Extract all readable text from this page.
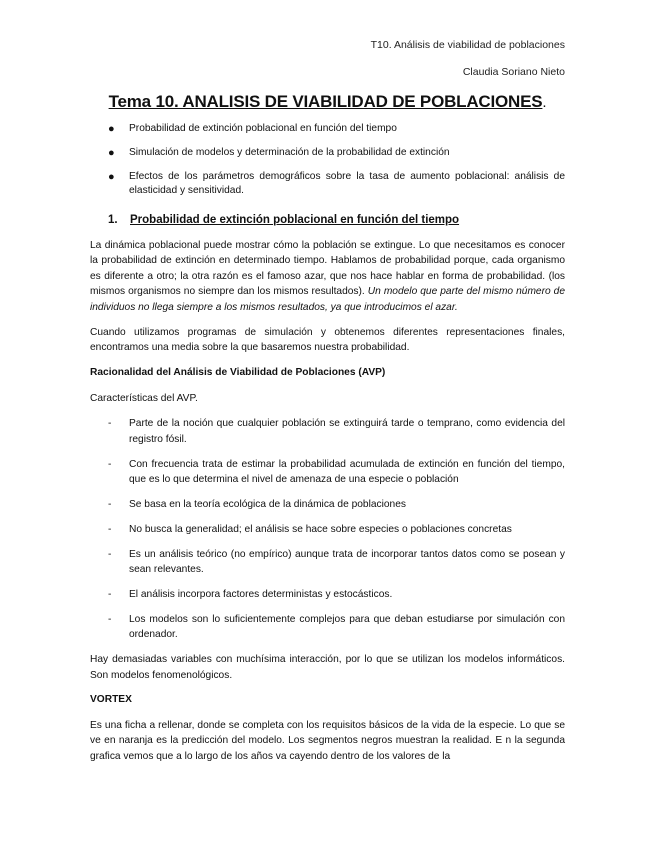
T10. Análisis de viabilidad de poblaciones
Claudia Soriano Nieto
Tema 10. ANALISIS DE VIABILIDAD DE POBLACIONES.
● Probabilidad de extinción poblacional en función del tiempo
● Simulación de modelos y determinación de la probabilidad de extinción
● Efectos de los parámetros demográficos sobre la tasa de aumento poblacional: análisis de elasticidad y sensitividad.
1. Probabilidad de extinción poblacional en función del tiempo

La dinámica poblacional puede mostrar cómo la población se extingue. Lo que necesitamos es conocer la probabilidad de extinción en determinado tiempo. Hablamos de probabilidad porque, cada organismo es diferente a otro; la otra razón es el famoso azar, que nos hace hablar en forma de probabilidad. (los mismos organismos no siempre dan los mismos resultados). Un modelo que parte del mismo número de individuos no llega siempre a los mismos resultados, ya que introducimos el azar.

Cuando utilizamos programas de simulación y obtenemos diferentes representaciones finales, encontramos una media sobre la que basaremos nuestra probabilidad.

Racionalidad del Análisis de Viabilidad de Poblaciones (AVP)

Características del AVP.

- Parte de la noción que cualquier población se extinguirá tarde o temprano, como evidencia del registro fósil.
- Con frecuencia trata de estimar la probabilidad acumulada de extinción en función del tiempo, que es lo que determina el nivel de amenaza de una especie o población
- Se basa en la teoría ecológica de la dinámica de poblaciones
- No busca la generalidad; el análisis se hace sobre especies o poblaciones concretas
- Es un análisis teórico (no empírico) aunque trata de incorporar tantos datos como se posean y sean relevantes.
- El análisis incorpora factores deterministas y estocásticos.
- Los modelos son lo suficientemente complejos para que deban estudiarse por simulación con ordenador.

Hay demasiadas variables con muchísima interacción, por lo que se utilizan los modelos informáticos. Son modelos fenomenológicos.

VORTEX

Es una ficha a rellenar, donde se completa con los requisitos básicos de la vida de la especie. Lo que se ve en naranja es la predicción del modelo. Los segmentos negros muestran la realidad. E n la segunda grafica vemos que a lo largo de los años va cayendo dentro de los valores de la
